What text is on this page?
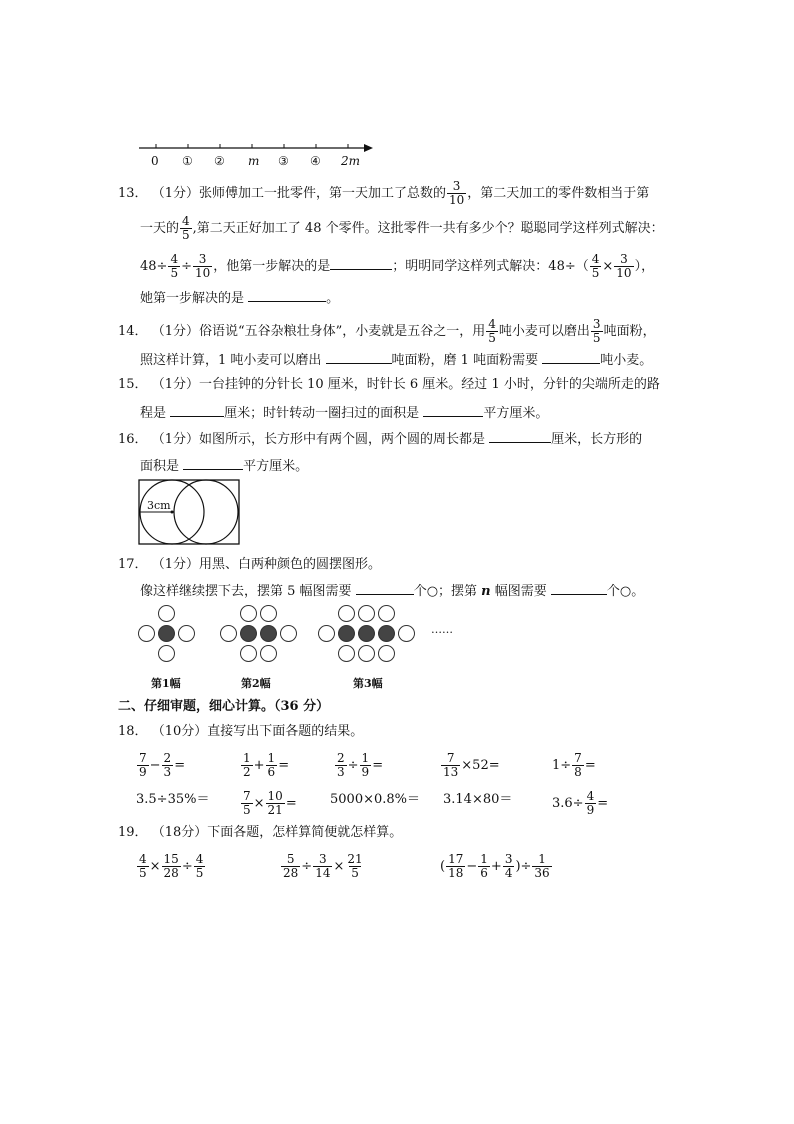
0 ① ② m ③ ④ 2m
13． （1分）张师傅加工一批零件，第一天加工了总数的 $\frac{3}{10}$ ，第二天加工的零件数相当于第
一天的 $\frac{4}{5}$ ,第二天正好加工了 48 个零件。这批零件一共有多少个？聪聪同学这样列式解决：
$48\div \frac{4}{5} \div \frac{3}{10}$ ，他第一步解决的是	；明明同学这样列式解决：$48\div( \frac{4}{5} \times \frac{3}{10}$ ），
她第一步解决的是	。
14． （1分）俗语说“五谷杂粮壮身体”，小麦就是五谷之一，用 $\frac{4}{5}$ 吨小麦可以磨出 $\frac{3}{5}$ 吨面粉，
照这样计算，1 吨小麦可以磨出	吨面粉，磨 1 吨面粉需要	吨小麦。
15． （1分）一台挂钟的分针长 10 厘米，时针长 6 厘米。经过 1 小时，分针的尖端所走的路
程是	厘米；时针转动一圈扫过的面积是	平方厘米。
16． （1分）如图所示，长方形中有两个圆，两个圆的周长都是	厘米，长方形的
面积是	平方厘米。
3cm
17． （1分）用黑、白两种颜色的圆摆图形。
像这样继续摆下去，摆第 5 幅图需要	个○；摆第 n 幅图需要	个○。
……
第1幅	第2幅	第3幅
二、仔细审题，细心计算。（36 分）
18． （10分）直接写出下面各题的结果。
$\frac{7}{9} - \frac{2}{3}$ =	$\frac{1}{2} + \frac{1}{6}$ =	$\frac{2}{3} \div \frac{1}{9}$ =	$\frac{7}{13} \times 52=$	$1\div \frac{7}{8}$ =
3.5÷35%＝	$\frac{7}{5} \times \frac{10}{21}$ =	5000×0.8%＝ 3.14×80＝	$3.6\div \frac{4}{9}$ =
19． （18分）下面各题，怎样算简便就怎样算。
$\frac{4}{5} \times \frac{15}{28} \div \frac{4}{5}$	$\frac{5}{28} \div \frac{3}{14} \times \frac{21}{5}$	( $\frac{17}{18} - \frac{1}{6} + \frac{3}{4}$ )÷ $\frac{1}{36}$
